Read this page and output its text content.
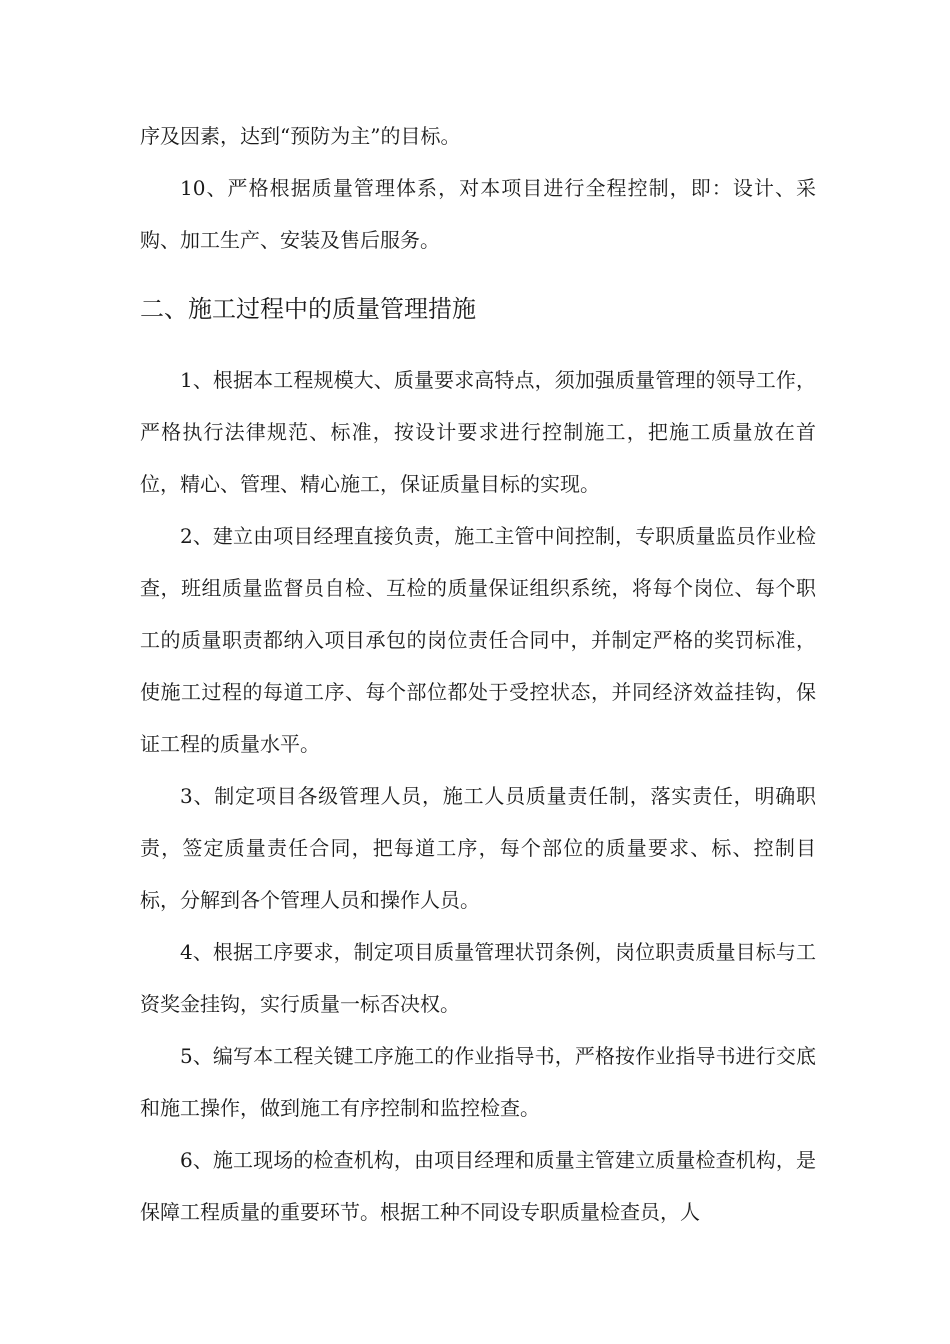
序及因素，达到“预防为主”的目标。

10、严格根据质量管理体系，对本项目进行全程控制，即：设计、采购、加工生产、安装及售后服务。

二、施工过程中的质量管理措施

1、根据本工程规模大、质量要求高特点，须加强质量管理的领导工作，严格执行法律规范、标准，按设计要求进行控制施工，把施工质量放在首位，精心、管理、精心施工，保证质量目标的实现。

2、建立由项目经理直接负责，施工主管中间控制，专职质量监员作业检查，班组质量监督员自检、互检的质量保证组织系统，将每个岗位、每个职工的质量职责都纳入项目承包的岗位责任合同中，并制定严格的奖罚标准，使施工过程的每道工序、每个部位都处于受控状态，并同经济效益挂钩，保证工程的质量水平。

3、制定项目各级管理人员，施工人员质量责任制，落实责任，明确职责，签定质量责任合同，把每道工序，每个部位的质量要求、标、控制目标，分解到各个管理人员和操作人员。

4、根据工序要求，制定项目质量管理状罚条例，岗位职责质量目标与工资奖金挂钩，实行质量一标否决权。

5、编写本工程关键工序施工的作业指导书，严格按作业指导书进行交底和施工操作，做到施工有序控制和监控检查。

6、施工现场的检查机构，由项目经理和质量主管建立质量检查机构，是保障工程质量的重要环节。根据工种不同设专职质量检查员，人
